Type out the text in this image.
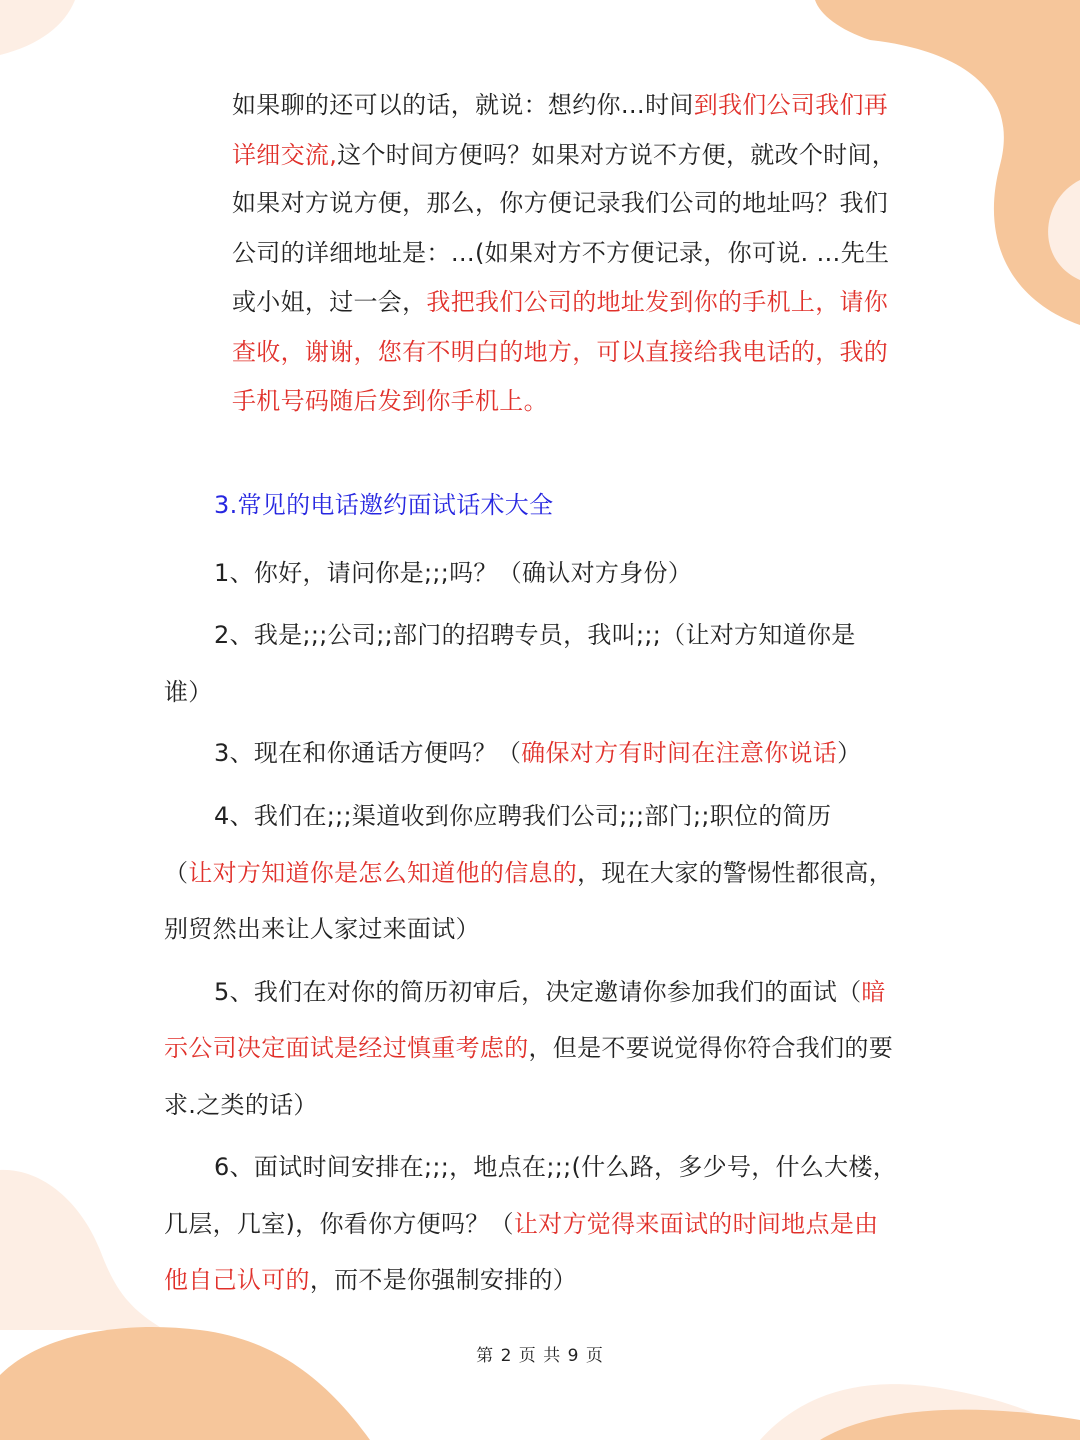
如果聊的还可以的话，就说：想约你…时间到我们公司我们再

详细交流,这个时间方便吗？如果对方说不方便，就改个时间，

如果对方说方便，那么，你方便记录我们公司的地址吗？我们

公司的详细地址是：…(如果对方不方便记录，你可说. …先生

或小姐，过一会，我把我们公司的地址发到你的手机上，请你

查收，谢谢，您有不明白的地方，可以直接给我电话的，我的

手机号码随后发到你手机上。

3.常见的电话邀约面试话术大全

1、你好，请问你是;;;吗？（确认对方身份）

2、我是;;;公司;;部门的招聘专员，我叫;;;（让对方知道你是

谁）

3、现在和你通话方便吗？（确保对方有时间在注意你说话）

4、我们在;;;渠道收到你应聘我们公司;;;部门;;职位的简历

（让对方知道你是怎么知道他的信息的，现在大家的警惕性都很高，

别贸然出来让人家过来面试）

5、我们在对你的简历初审后，决定邀请你参加我们的面试（暗

示公司决定面试是经过慎重考虑的，但是不要说觉得你符合我们的要

求.之类的话）

6、面试时间安排在;;;，地点在;;;(什么路，多少号，什么大楼，

几层，几室)，你看你方便吗？（让对方觉得来面试的时间地点是由

他自己认可的，而不是你强制安排的）

第 2 页 共 9 页
